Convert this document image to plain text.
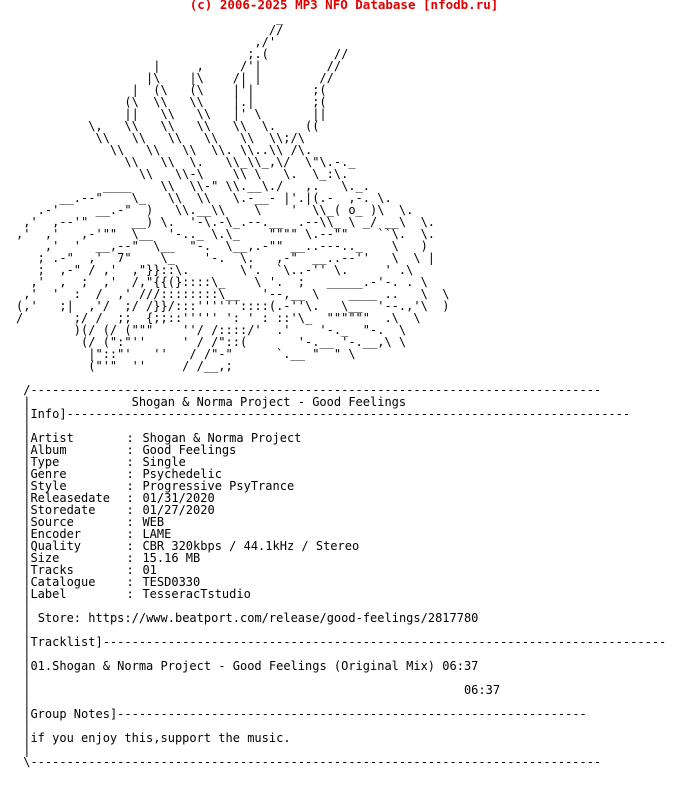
(c) 2006-2025 MP3 NFO Database [nfodb.ru]
_
//
,/'
;.(         //
|     ,     /'|         //
|\    |\    /| |        //
|  (\   (\    |'|        ;(
(\  \\   \\    |.|        ;(
||   \\   \\   |' \       ||
\,   \\   \\   \\   \\  \.    ((
\\   \\   \\   \\   \\  \\;/\
\\   \\   \\  \\. \\..\\ /\.
\\   \\  \.   \\_\\_,\/  \"\.-._
\\   \\-\    \\ \   \.  \_:\.
____    \\  \\-" \\.__\./   ,.   \._.
__.--"    \_   \\  \\   \.-__- |'.|(.-  ,-. \.
.-'     __.-"  )   \\.__\\    \    '  \\_( o_ )\  \.
,'  ,--'"      __) \.  '-\.-\_.--.__  .--\\_ \ _/ __\  \.
,'  ,'   ,-'""  \__  '-.._ \.\_    """" \.--""    ``\.  \.
,'  '  __,--"  \__  "-.  \__,.-"" __..---.._    \   )
; .-"  ,'  7"    \_    '-.  \.   ,-"  __..--''   \  \ |
;  ,-" / ,'  ,"}}::\.       \'.  `\..-'' \.     ' .\
,'  ,  ;  ,'  /,"{{(}::::\_    \ '.  ;   _____.-'-. . \
,'  '  :  /  ,' ///::::::::\__   '--,__ \    ____ ..   \  \
(,'   ;|  ,'/  ;/ /}}/:::''''''::::(.-''\.   \__  '--.,'\  )
/       ;/ /  ;;  {;;::''''' ': ' : ::'\_  """"""  .\  \
)(/ (/ ("""    ''/ /::::/'  .'    '-._  "-.  \
(/ (":"''     ' / /"::(       '-.__ '-.__,\ \
|"::"'   ''   / /"-"      `.__ "  " \
("'"  ''     / /__,;

/-------------------------------------------------------------------------------
|	Shogan & Norma Project - Good Feelings
|Info]------------------------------------------------------------------------------
|
|Artist	: Shogan & Norma Project
|Album	: Good Feelings
|Type	: Single
|Genre	: Psychedelic
|Style	: Progressive PsyTrance
|Releasedate : 01/31/2020
|Storedate	: 01/27/2020
|Source	: WEB
|Encoder	: LAME
|Quality	: CBR 320kbps / 44.1kHz / Stereo
|Size	: 15.16 MB
|Tracks	: 01
|Catalogue	: TESD0330
|Label	: TesseracTstudio
|
| Store: https://www.beatport.com/release/good-feelings/2817780
|
|Tracklist]------------------------------------------------------------------------------
|
|01.Shogan & Norma Project - Good Feelings (Original Mix) 06:37
|
|	06:37
|
|Group Notes]-----------------------------------------------------------------
|
|if you enjoy this,support the music.
|
\-------------------------------------------------------------------------------
